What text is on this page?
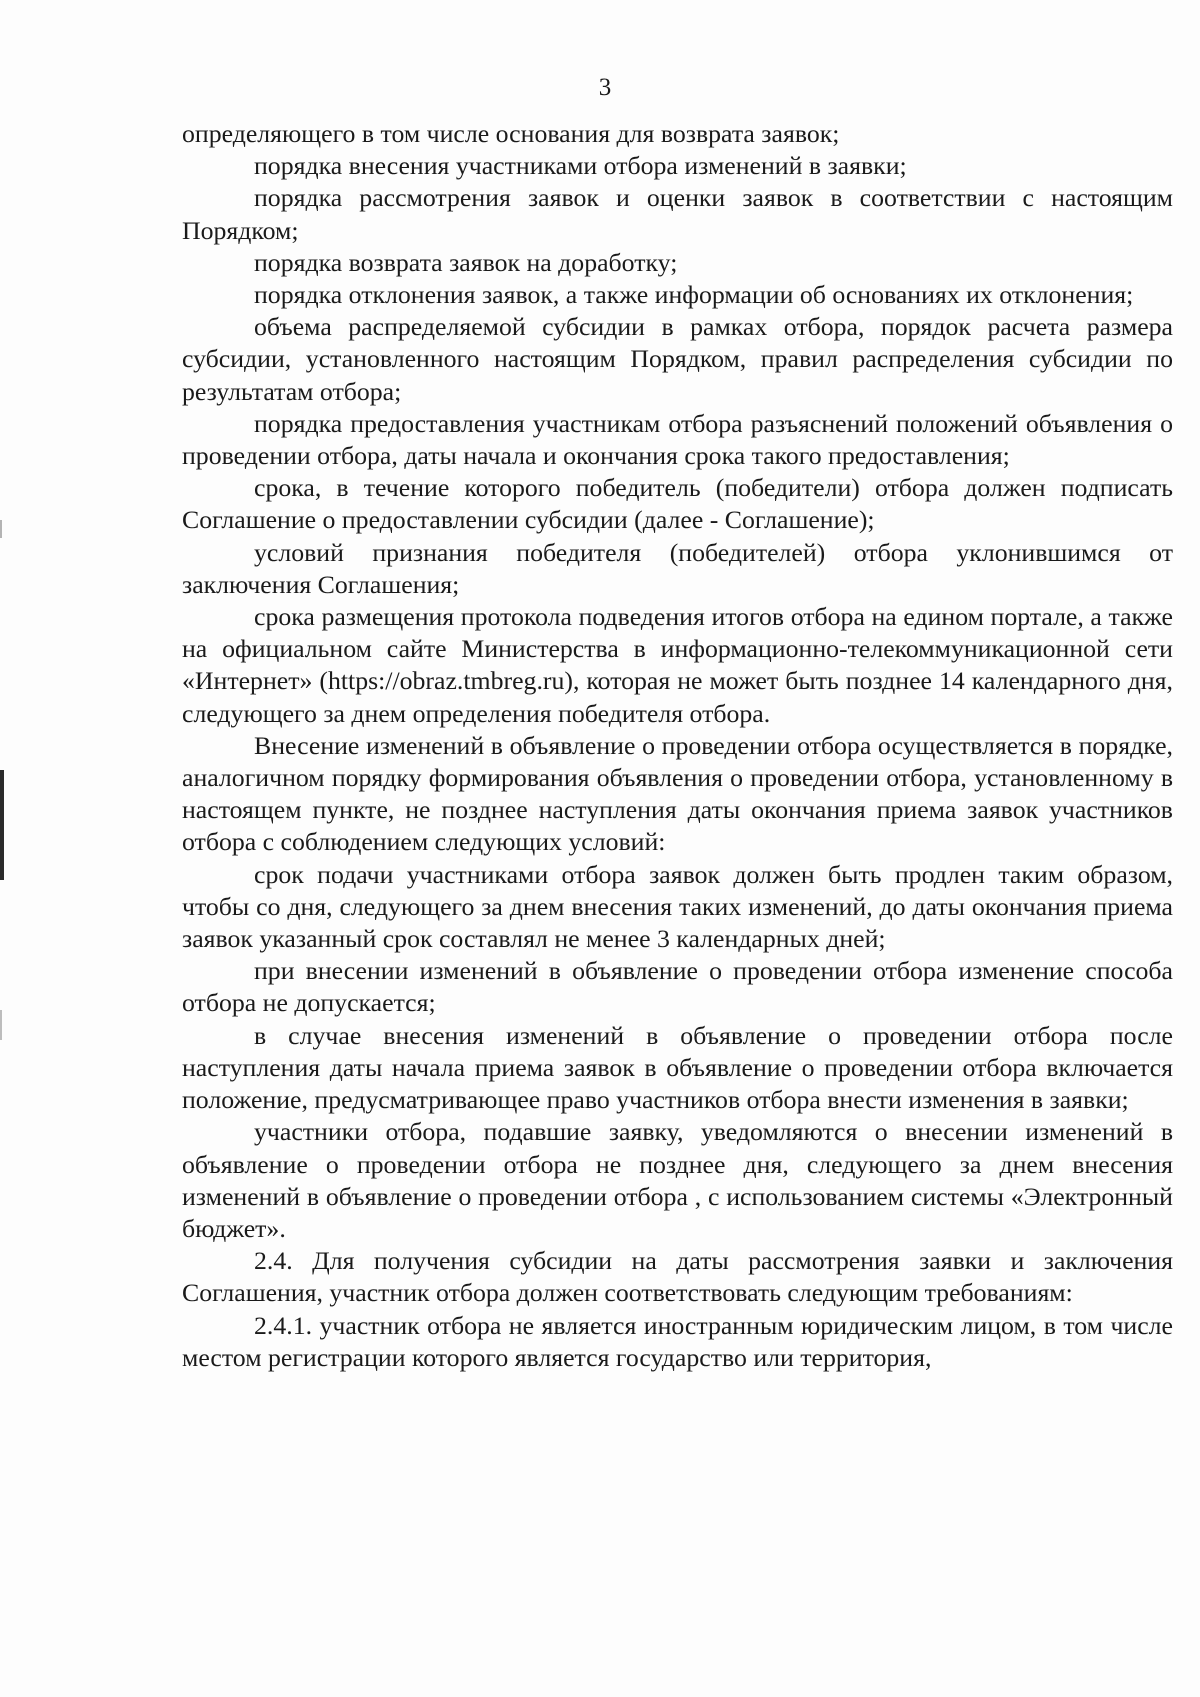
3

определяющего в том числе основания для возврата заявок;

порядка внесения участниками отбора изменений в заявки;

порядка рассмотрения заявок и оценки заявок в соответствии с настоящим Порядком;

порядка возврата заявок на доработку;

порядка отклонения заявок, а также информации об основаниях их отклонения;

объема распределяемой субсидии в рамках отбора, порядок расчета размера субсидии, установленного настоящим Порядком, правил распределения субсидии по результатам отбора;

порядка предоставления участникам отбора разъяснений положений объявления о проведении отбора, даты начала и окончания срока такого предоставления;

срока, в течение которого победитель (победители) отбора должен подписать Соглашение о предоставлении субсидии (далее - Соглашение);

условий признания победителя (победителей) отбора уклонившимся от заключения Соглашения;

срока размещения протокола подведения итогов отбора на едином портале, а также на официальном сайте Министерства в информационно-телекоммуникационной сети «Интернет» (https://obraz.tmbreg.ru), которая не может быть позднее 14 календарного дня, следующего за днем определения победителя отбора.

Внесение изменений в объявление о проведении отбора осуществляется в порядке, аналогичном порядку формирования объявления о проведении отбора, установленному в настоящем пункте, не позднее наступления даты окончания приема заявок участников отбора с соблюдением следующих условий:

срок подачи участниками отбора заявок должен быть продлен таким образом, чтобы со дня, следующего за днем внесения таких изменений, до даты окончания приема заявок указанный срок составлял не менее 3 календарных дней;

при внесении изменений в объявление о проведении отбора изменение способа отбора не допускается;

в случае внесения изменений в объявление о проведении отбора после наступления даты начала приема заявок в объявление о проведении отбора включается положение, предусматривающее право участников отбора внести изменения в заявки;

участники отбора, подавшие заявку, уведомляются о внесении изменений в объявление о проведении отбора не позднее дня, следующего за днем внесения изменений в объявление о проведении отбора , с использованием системы «Электронный бюджет».

2.4. Для получения субсидии на даты рассмотрения заявки и заключения Соглашения, участник отбора должен соответствовать следующим требованиям:

2.4.1. участник отбора не является иностранным юридическим лицом, в том числе местом регистрации которого является государство или территория,
